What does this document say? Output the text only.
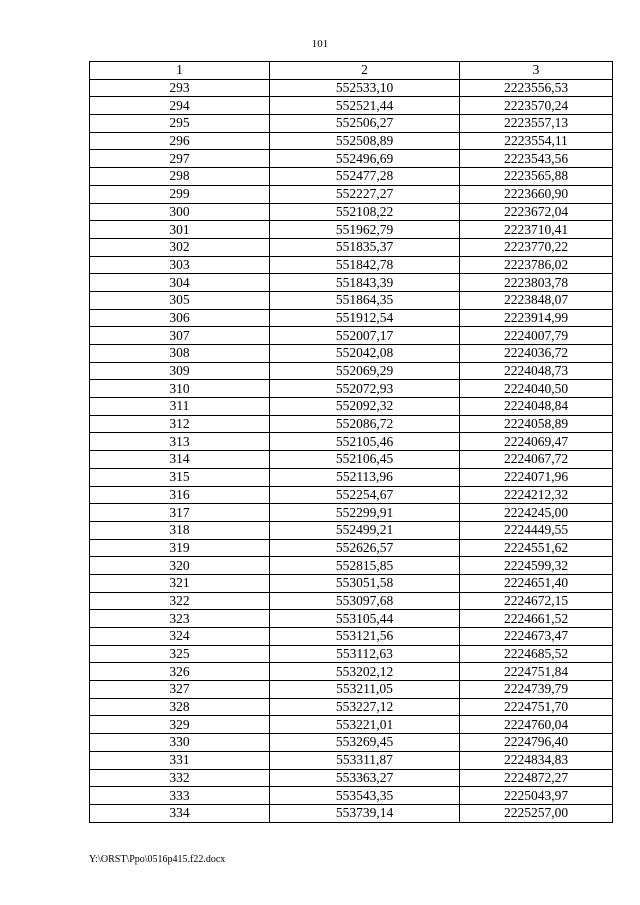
101
1	2	3
293	552533,10	2223556,53
294	552521,44	2223570,24
295	552506,27	2223557,13
296	552508,89	2223554,11
297	552496,69	2223543,56
298	552477,28	2223565,88
299	552227,27	2223660,90
300	552108,22	2223672,04
301	551962,79	2223710,41
302	551835,37	2223770,22
303	551842,78	2223786,02
304	551843,39	2223803,78
305	551864,35	2223848,07
306	551912,54	2223914,99
307	552007,17	2224007,79
308	552042,08	2224036,72
309	552069,29	2224048,73
310	552072,93	2224040,50
311	552092,32	2224048,84
312	552086,72	2224058,89
313	552105,46	2224069,47
314	552106,45	2224067,72
315	552113,96	2224071,96
316	552254,67	2224212,32
317	552299,91	2224245,00
318	552499,21	2224449,55
319	552626,57	2224551,62
320	552815,85	2224599,32
321	553051,58	2224651,40
322	553097,68	2224672,15
323	553105,44	2224661,52
324	553121,56	2224673,47
325	553112,63	2224685,52
326	553202,12	2224751,84
327	553211,05	2224739,79
328	553227,12	2224751,70
329	553221,01	2224760,04
330	553269,45	2224796,40
331	553311,87	2224834,83
332	553363,27	2224872,27
333	553543,35	2225043,97
334	553739,14	2225257,00
Y:\ORST\Ppo\0516p415.f22.docx
